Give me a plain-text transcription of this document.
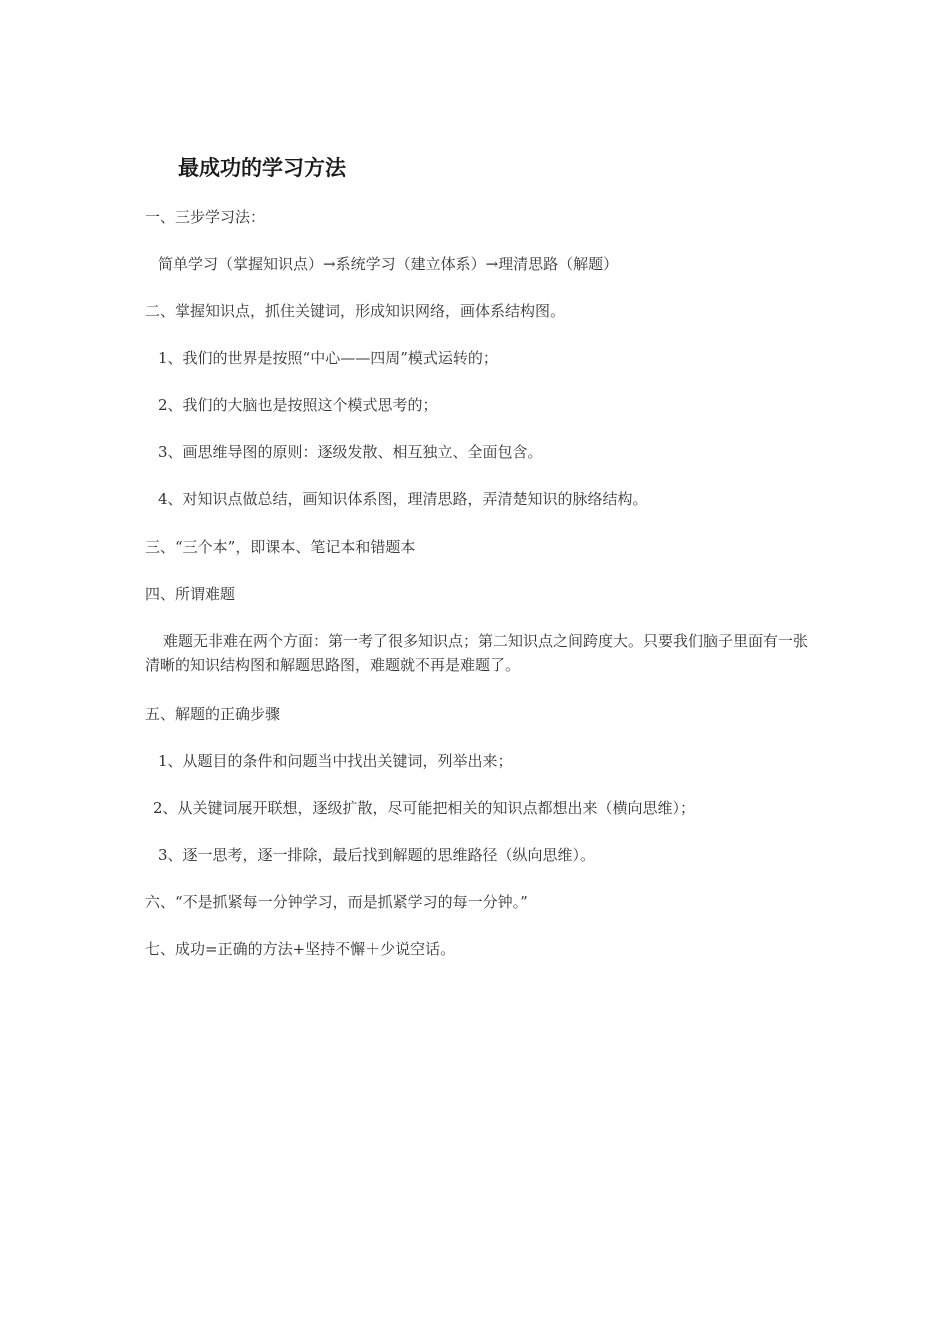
最成功的学习方法
一、三步学习法：
简单学习（掌握知识点）→系统学习（建立体系）→理清思路（解题）
二、掌握知识点，抓住关键词，形成知识网络，画体系结构图。
1、我们的世界是按照“中心——四周”模式运转的；
2、我们的大脑也是按照这个模式思考的；
3、画思维导图的原则：逐级发散、相互独立、全面包含。
4、对知识点做总结，画知识体系图，理清思路，弄清楚知识的脉络结构。
三、“三个本”，即课本、笔记本和错题本
四、所谓难题
难题无非难在两个方面：第一考了很多知识点；第二知识点之间跨度大。只要我们脑子里面有一张清晰的知识结构图和解题思路图，难题就不再是难题了。
五、解题的正确步骤
1、从题目的条件和问题当中找出关键词，列举出来；
2、从关键词展开联想，逐级扩散，尽可能把相关的知识点都想出来（横向思维）；
3、逐一思考，逐一排除，最后找到解题的思维路径（纵向思维）。
六、“不是抓紧每一分钟学习，而是抓紧学习的每一分钟。”
七、成功=正确的方法+坚持不懈＋少说空话。
